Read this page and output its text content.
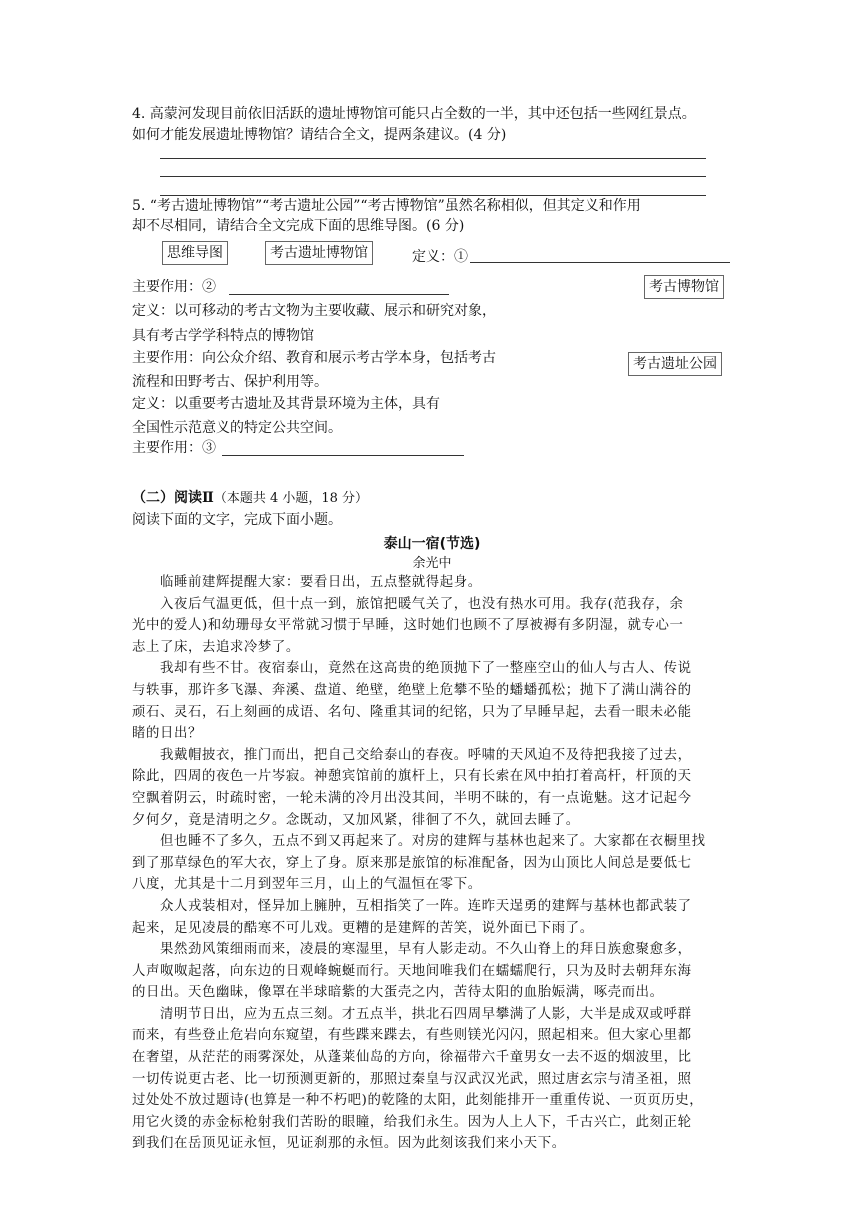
4. 高蒙河发现目前依旧活跃的遗址博物馆可能只占全数的一半，其中还包括一些网红景点。
如何才能发展遗址博物馆？请结合全文，提两条建议。(4 分)
5. “考古遗址博物馆”“考古遗址公园”“考古博物馆”虽然名称相似，但其定义和作用
却不尽相同，请结合全文完成下面的思维导图。(6 分)
思维导图	考古遗址博物馆	定义：①
主要作用：②	考古博物馆
定义：以可移动的考古文物为主要收藏、展示和研究对象，
具有考古学学科特点的博物馆
主要作用：向公众介绍、教育和展示考古学本身，包括考古
流程和田野考古、保护利用等。
考古遗址公园
定义：以重要考古遗址及其背景环境为主体，具有
全国性示范意义的特定公共空间。
主要作用：③
（二）阅读Ⅱ（本题共 4 小题，18 分）
阅读下面的文字，完成下面小题。
泰山一宿(节选)
余光中
　　临睡前建辉提醒大家：要看日出，五点整就得起身。
　　入夜后气温更低，但十点一到，旅馆把暖气关了，也没有热水可用。我存(范我存，余
光中的爱人)和幼珊母女平常就习惯于早睡，这时她们也顾不了厚被褥有多阴湿，就专心一
志上了床，去追求冷梦了。
　　我却有些不甘。夜宿泰山，竟然在这高贵的绝顶抛下了一整座空山的仙人与古人、传说
与轶事，那许多飞瀑、奔溪、盘道、绝壁，绝壁上危攀不坠的蟠蟠孤松；抛下了满山满谷的
顽石、灵石，石上刻画的成语、名句、隆重其词的纪铭，只为了早睡早起，去看一眼未必能
睹的日出？
　　我戴帽披衣，推门而出，把自己交给泰山的春夜。呼啸的天风迫不及待把我接了过去，
除此，四周的夜色一片岑寂。神憩宾馆前的旗杆上，只有长索在风中拍打着高杆，杆顶的天
空飘着阴云，时疏时密，一轮未满的冷月出没其间，半明不昧的，有一点诡魅。这才记起今
夕何夕，竟是清明之夕。念既动，又加风紧，徘徊了不久，就回去睡了。
　　但也睡不了多久，五点不到又再起来了。对房的建辉与基林也起来了。大家都在衣橱里找
到了那草绿色的军大衣，穿上了身。原来那是旅馆的标准配备，因为山顶比人间总是要低七
八度，尤其是十二月到翌年三月，山上的气温恒在零下。
　　众人戎装相对，怪异加上臃肿，互相指笑了一阵。连昨天逞勇的建辉与基林也都武装了
起来，足见凌晨的酷寒不可儿戏。更糟的是建辉的苦笑，说外面已下雨了。
　　果然劲风策细雨而来，凌晨的寒湿里，早有人影走动。不久山脊上的拜日族愈聚愈多，
人声呶呶起落，向东边的日观峰蜿蜒而行。天地间唯我们在蠕蠕爬行，只为及时去朝拜东海
的日出。天色幽昧，像罩在半球暗紫的大蛋壳之内，苦待太阳的血胎娠满，啄壳而出。
　　清明节日出，应为五点三刻。才五点半，拱北石四周早攀满了人影，大半是成双或呼群
而来，有些登止危岩向东窥望，有些蹀来蹀去，有些则镁光闪闪，照起相来。但大家心里都
在奢望，从茫茫的雨雾深处，从蓬莱仙岛的方向，徐福带六千童男女一去不返的烟波里，比
一切传说更古老、比一切预测更新的，那照过秦皇与汉武汉光武，照过唐玄宗与清圣祖，照
过处处不放过题诗(也算是一种不朽吧)的乾隆的太阳，此刻能排开一重重传说、一页页历史，
用它火烫的赤金标枪射我们苦盼的眼瞳，给我们永生。因为人上人下，千古兴亡，此刻正轮
到我们在岳顶见证永恒，见证刹那的永恒。因为此刻该我们来小天下。
